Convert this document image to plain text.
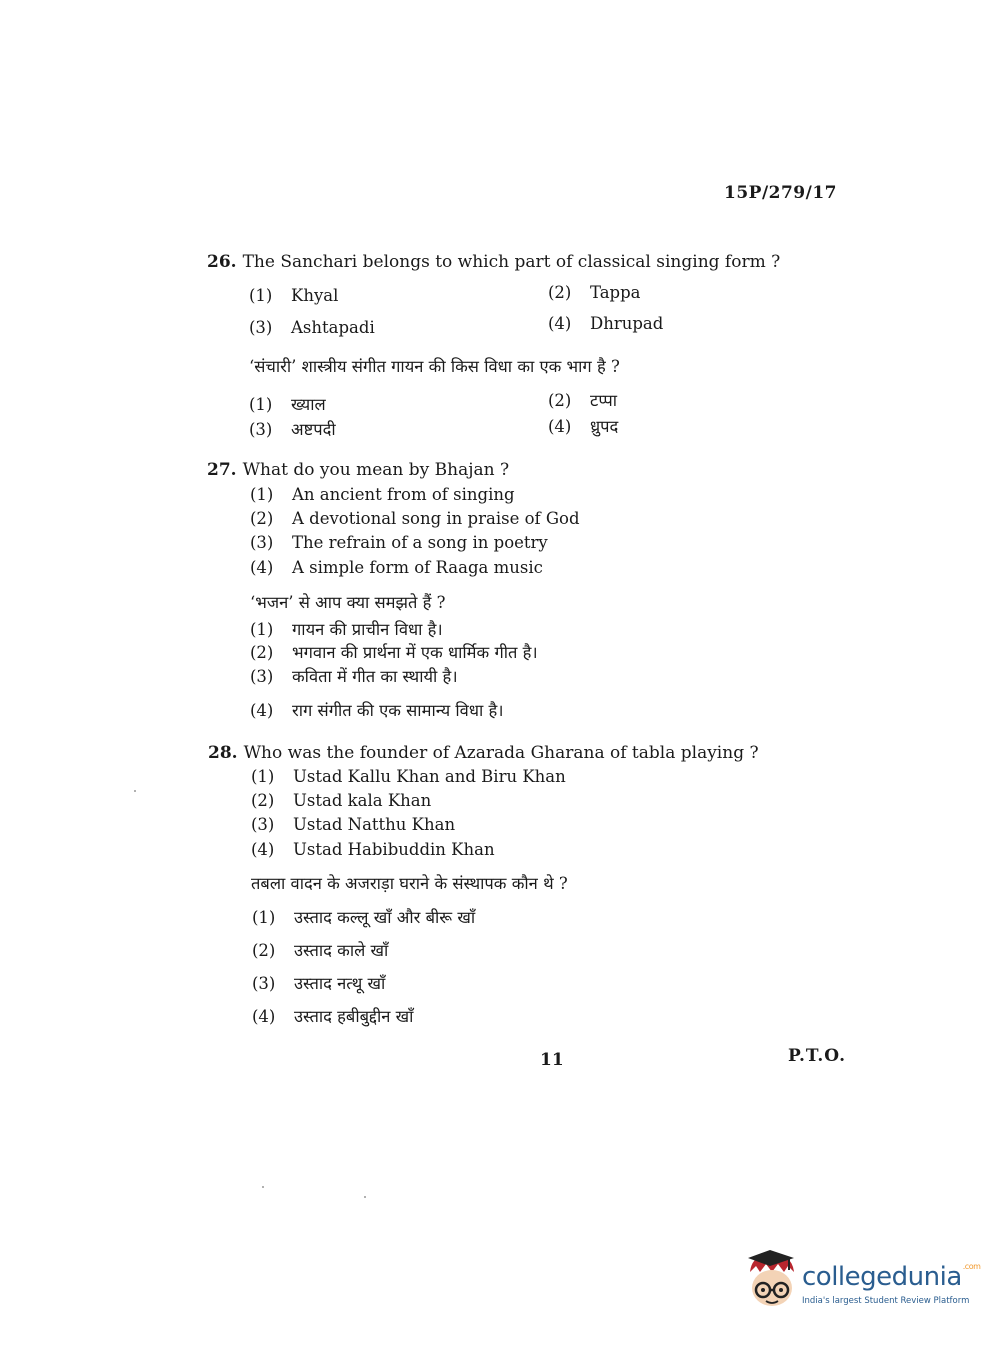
15P/279/17
26. The Sanchari belongs to which part of classical singing form ?
(1) Khyal	(2) Tappa
(3) Ashtapadi	(4) Dhrupad
‘संचारी’ शास्त्रीय संगीत गायन की किस विधा का एक भाग है ?
(1) ख्याल	(2) टप्पा
(3) अष्टपदी	(4) ध्रुपद
27. What do you mean by Bhajan ?
(1) An ancient from of singing
(2) A devotional song in praise of God
(3) The refrain of a song in poetry
(4) A simple form of Raaga music
‘भजन’ से आप क्या समझते हैं ?
(1) गायन की प्राचीन विधा है।
(2) भगवान की प्रार्थना में एक धार्मिक गीत है।
(3) कविता में गीत का स्थायी है।
(4) राग संगीत की एक सामान्य विधा है।
28. Who was the founder of Azarada Gharana of tabla playing ?
(1) Ustad Kallu Khan and Biru Khan
(2) Ustad kala Khan
(3) Ustad Natthu Khan
(4) Ustad Habibuddin Khan
तबला वादन के अजराड़ा घराने के संस्थापक कौन थे ?
(1) उस्ताद कल्लू खाँ और बीरू खाँ
(2) उस्ताद काले खाँ
(3) उस्ताद नत्थू खाँ
(4) उस्ताद हबीबुद्दीन खाँ
11	P.T.O.
collegedunia$^{.com}$
India's largest Student Review Platform
